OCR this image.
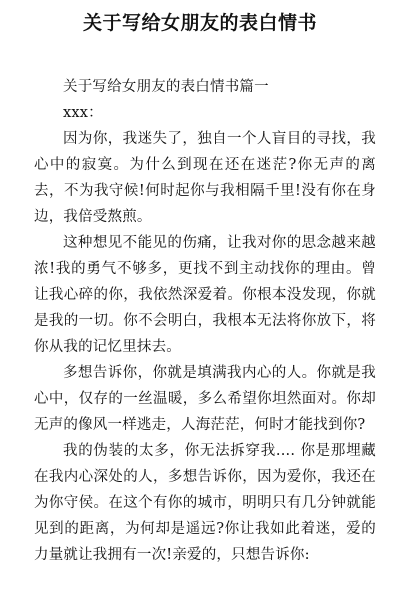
关于写给女朋友的表白情书

关于写给女朋友的表白情书篇一

xxx：

因为你，我迷失了，独自一个人盲目的寻找，我心中的寂寞。为什么到现在还在迷茫?你无声的离去，不为我守候!何时起你与我相隔千里!没有你在身边，我倍受熬煎。

这种想见不能见的伤痛，让我对你的思念越来越浓!我的勇气不够多，更找不到主动找你的理由。曾让我心碎的你，我依然深爱着。你根本没发现，你就是我的一切。你不会明白，我根本无法将你放下，将你从我的记忆里抹去。

多想告诉你，你就是填满我内心的人。你就是我心中，仅存的一丝温暖，多么希望你坦然面对。你却无声的像风一样逃走，人海茫茫，何时才能找到你?

我的伪装的太多，你无法拆穿我.... 你是那埋藏在我内心深处的人，多想告诉你，因为爱你，我还在为你守侯。在这个有你的城市，明明只有几分钟就能见到的距离，为何却是遥远?你让我如此着迷，爱的力量就让我拥有一次!亲爱的，只想告诉你:
